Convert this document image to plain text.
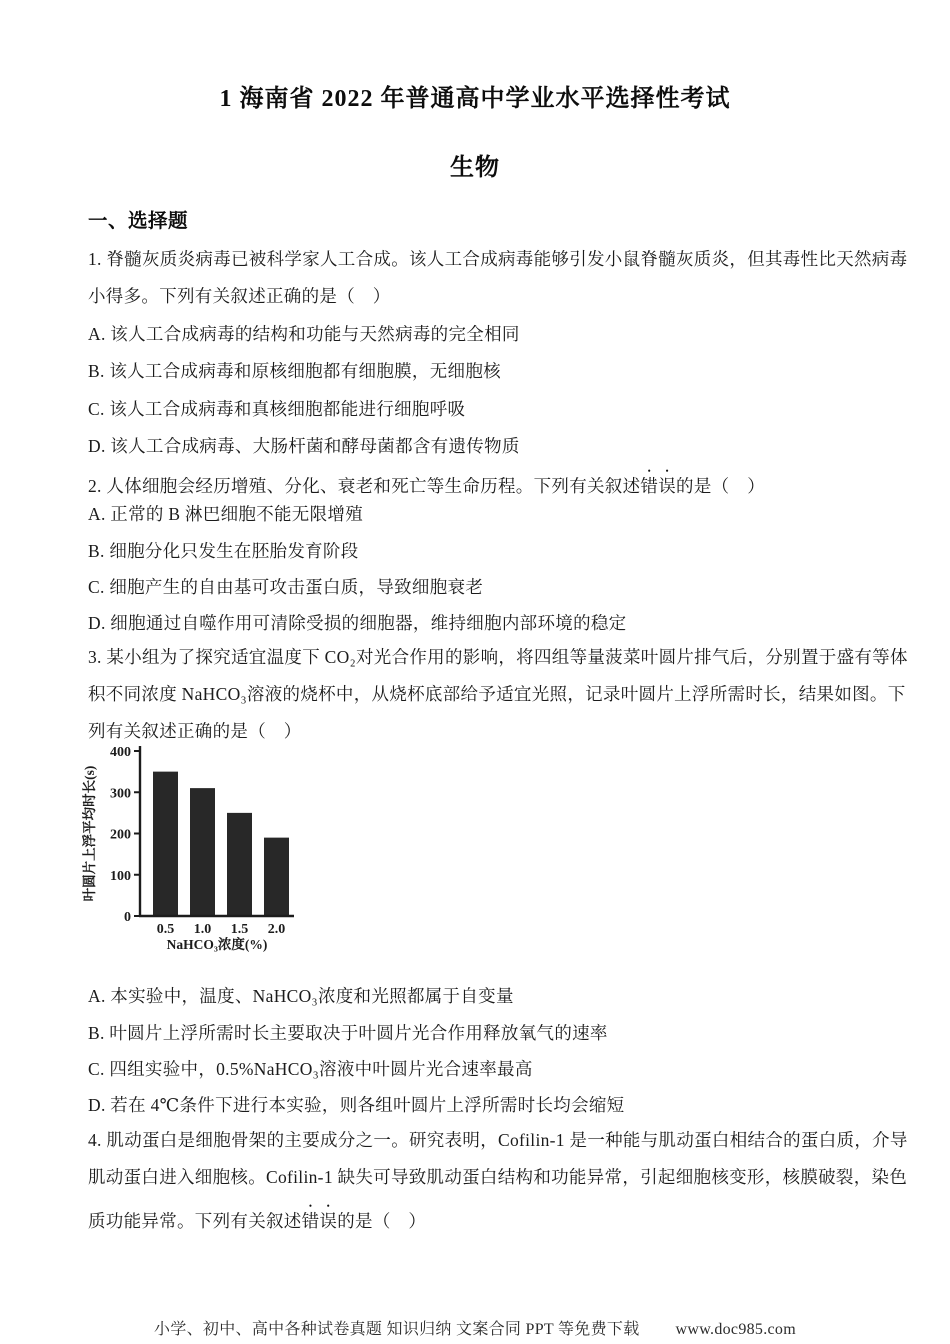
1 海南省 2022 年普通高中学业水平选择性考试
生物

一、选择题

1. 脊髓灰质炎病毒已被科学家人工合成。该人工合成病毒能够引发小鼠脊髓灰质炎，但其毒性比天然病毒

小得多。下列有关叙述正确的是（　）

A. 该人工合成病毒的结构和功能与天然病毒的完全相同

B. 该人工合成病毒和原核细胞都有细胞膜，无细胞核

C. 该人工合成病毒和真核细胞都能进行细胞呼吸

D. 该人工合成病毒、大肠杆菌和酵母菌都含有遗传物质

2. 人体细胞会经历增殖、分化、衰老和死亡等生命历程。下列有关叙述错误的是（　）

A. 正常的 B 淋巴细胞不能无限增殖

B. 细胞分化只发生在胚胎发育阶段

C. 细胞产生的自由基可攻击蛋白质，导致细胞衰老

D. 细胞通过自噬作用可清除受损的细胞器，维持细胞内部环境的稳定

3. 某小组为了探究适宜温度下 CO₂对光合作用的影响，将四组等量菠菜叶圆片排气后，分别置于盛有等体

积不同浓度 NaHCO₃溶液的烧杯中，从烧杯底部给予适宜光照，记录叶圆片上浮所需时长，结果如图。下

列有关叙述正确的是（　）

0
100
200
300
400
0.5 1.0 1.5 2.0
NaHCO₃浓度(%)
叶圆片上浮平均时长(s)

A. 本实验中，温度、NaHCO₃浓度和光照都属于自变量

B. 叶圆片上浮所需时长主要取决于叶圆片光合作用释放氧气的速率

C. 四组实验中，0.5%NaHCO₃溶液中叶圆片光合速率最高

D. 若在 4℃条件下进行本实验，则各组叶圆片上浮所需时长均会缩短

4. 肌动蛋白是细胞骨架的主要成分之一。研究表明，Cofilin-1 是一种能与肌动蛋白相结合的蛋白质，介导

肌动蛋白进入细胞核。Cofilin-1 缺失可导致肌动蛋白结构和功能异常，引起细胞核变形，核膜破裂，染色

质功能异常。下列有关叙述错误的是（　）

小学、初中、高中各种试卷真题 知识归纳 文案合同 PPT 等免费下载 www.doc985.com
